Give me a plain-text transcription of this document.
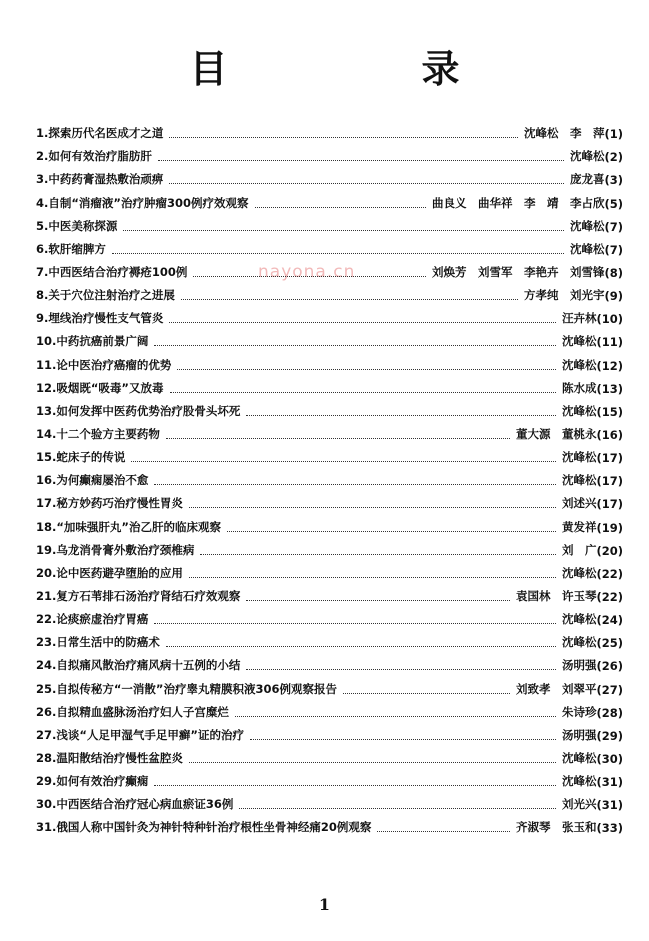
目　录
nayona.cn
1.探索历代名医成才之道	沈峰松　李　萍 (1)
2.如何有效治疗脂肪肝	沈峰松 (2)
3.中药药膏湿热敷治顽痹	庞龙喜 (3)
4.自制“消瘤液”治疗肿瘤300例疗效观察	曲良义　曲华祥　李　靖　李占欣 (5)
5.中医美称探源	沈峰松 (7)
6.软肝缩脾方	沈峰松 (7)
7.中西医结合治疗褥疮100例	刘焕芳　刘雪军　李艳卉　刘雪锋 (8)
8.关于穴位注射治疗之进展	方孝纯　刘光宇 (9)
9.埋线治疗慢性支气管炎	汪卉林 (10)
10.中药抗癌前景广阔	沈峰松 (11)
11.论中医治疗癌瘤的优势	沈峰松 (12)
12.吸烟既“吸毒”又放毒	陈水成 (13)
13.如何发挥中医药优势治疗股骨头坏死	沈峰松 (15)
14.十二个验方主要药物	董大源　董桃永 (16)
15.蛇床子的传说	沈峰松 (17)
16.为何癫痫屡治不愈	沈峰松 (17)
17.秘方妙药巧治疗慢性胃炎	刘述兴 (17)
18.“加味强肝丸”治乙肝的临床观察	黄发祥 (19)
19.乌龙消骨膏外敷治疗颈椎病	刘　广 (20)
20.论中医药避孕堕胎的应用	沈峰松 (22)
21.复方石苇排石汤治疗肾结石疗效观察	袁国林　许玉琴 (22)
22.论痰瘀虚治疗胃癌	沈峰松 (24)
23.日常生活中的防癌术	沈峰松 (25)
24.自拟痛风散治疗痛风病十五例的小结	汤明强 (26)
25.自拟传秘方“一消散”治疗睾丸精膜积液306例观察报告	刘致孝　刘翠平 (27)
26.自拟精血盛脉汤治疗妇人子宫糜烂	朱诗珍 (28)
27.浅谈“人足甲湿气手足甲癣”证的治疗	汤明强 (29)
28.温阳散结治疗慢性盆腔炎	沈峰松 (30)
29.如何有效治疗癫痫	沈峰松 (31)
30.中西医结合治疗冠心病血瘀证36例	刘光兴 (31)
31.俄国人称中国针灸为神针特种针治疗根性坐骨神经痛20例观察	齐淑琴　张玉和 (33)
1
